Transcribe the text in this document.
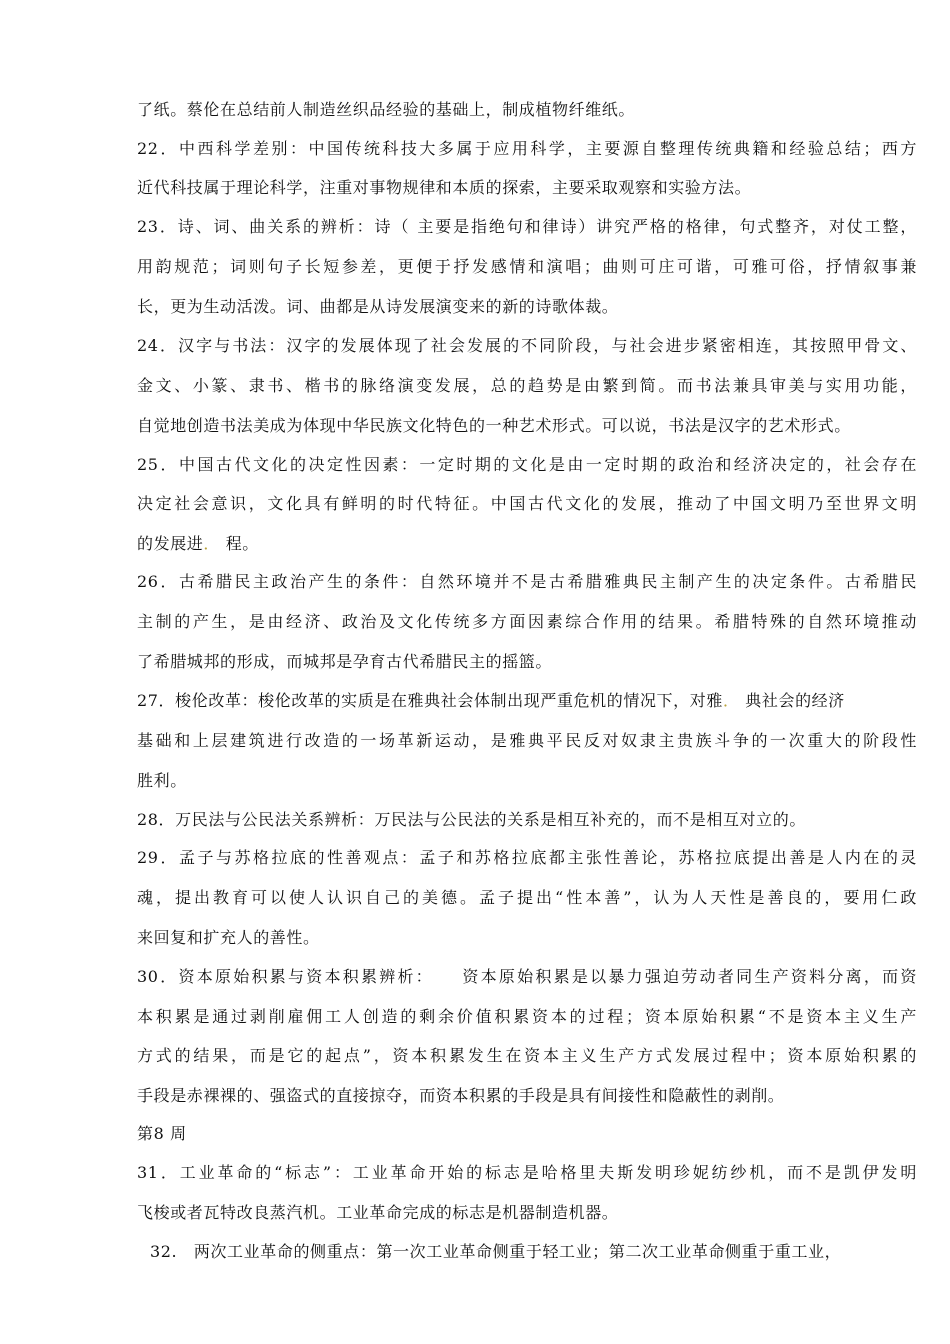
了纸。蔡伦在总结前人制造丝织品经验的基础上，制成植物纤维纸。
22．中西科学差别：中国传统科技大多属于应用科学，主要源自整理传统典籍和经验总结；西方
近代科技属于理论科学，注重对事物规律和本质的探索，主要采取观察和实验方法。
23．诗、词、曲关系的辨析：诗（ 主要是指绝句和律诗）讲究严格的格律，句式整齐，对仗工整，
用韵规范；词则句子长短参差，更便于抒发感情和演唱；曲则可庄可谐，可雅可俗，抒情叙事兼
长，更为生动活泼。词、曲都是从诗发展演变来的新的诗歌体裁。
24．汉字与书法：汉字的发展体现了社会发展的不同阶段，与社会进步紧密相连，其按照甲骨文、
金文、小篆、隶书、楷书的脉络演变发展，总的趋势是由繁到简。而书法兼具审美与实用功能，
自觉地创造书法美成为体现中华民族文化特色的一种艺术形式。可以说，书法是汉字的艺术形式。
25．中国古代文化的决定性因素：一定时期的文化是由一定时期的政治和经济决定的，社会存在
决定社会意识，文化具有鲜明的时代特征。中国古代文化的发展，推动了中国文明乃至世界文明
的发展进． 程。
26．古希腊民主政治产生的条件：自然环境并不是古希腊雅典民主制产生的决定条件。古希腊民
主制的产生，是由经济、政治及文化传统多方面因素综合作用的结果。希腊特殊的自然环境推动
了希腊城邦的形成，而城邦是孕育古代希腊民主的摇篮。
27．梭伦改革：梭伦改革的实质是在雅典社会体制出现严重危机的情况下，对雅． 典社会的经济
基础和上层建筑进行改造的一场革新运动，是雅典平民反对奴隶主贵族斗争的一次重大的阶段性
胜利。
28．万民法与公民法关系辨析：万民法与公民法的关系是相互补充的，而不是相互对立的。
29．孟子与苏格拉底的性善观点：孟子和苏格拉底都主张性善论，苏格拉底提出善是人内在的灵
魂，提出教育可以使人认识自己的美德。孟子提出“性本善”，认为人天性是善良的，要用仁政
来回复和扩充人的善性。
30．资本原始积累与资本积累辨析：　　资本原始积累是以暴力强迫劳动者同生产资料分离，而资
本积累是通过剥削雇佣工人创造的剩余价值积累资本的过程；资本原始积累“不是资本主义生产
方式的结果，而是它的起点”，资本积累发生在资本主义生产方式发展过程中；资本原始积累的
手段是赤裸裸的、强盗式的直接掠夺，而资本积累的手段是具有间接性和隐蔽性的剥削。
第8 周
31．工业革命的“标志”：工业革命开始的标志是哈格里夫斯发明珍妮纺纱机，而不是凯伊发明
飞梭或者瓦特改良蒸汽机。工业革命完成的标志是机器制造机器。
32.　两次工业革命的侧重点：第一次工业革命侧重于轻工业；第二次工业革命侧重于重工业，
